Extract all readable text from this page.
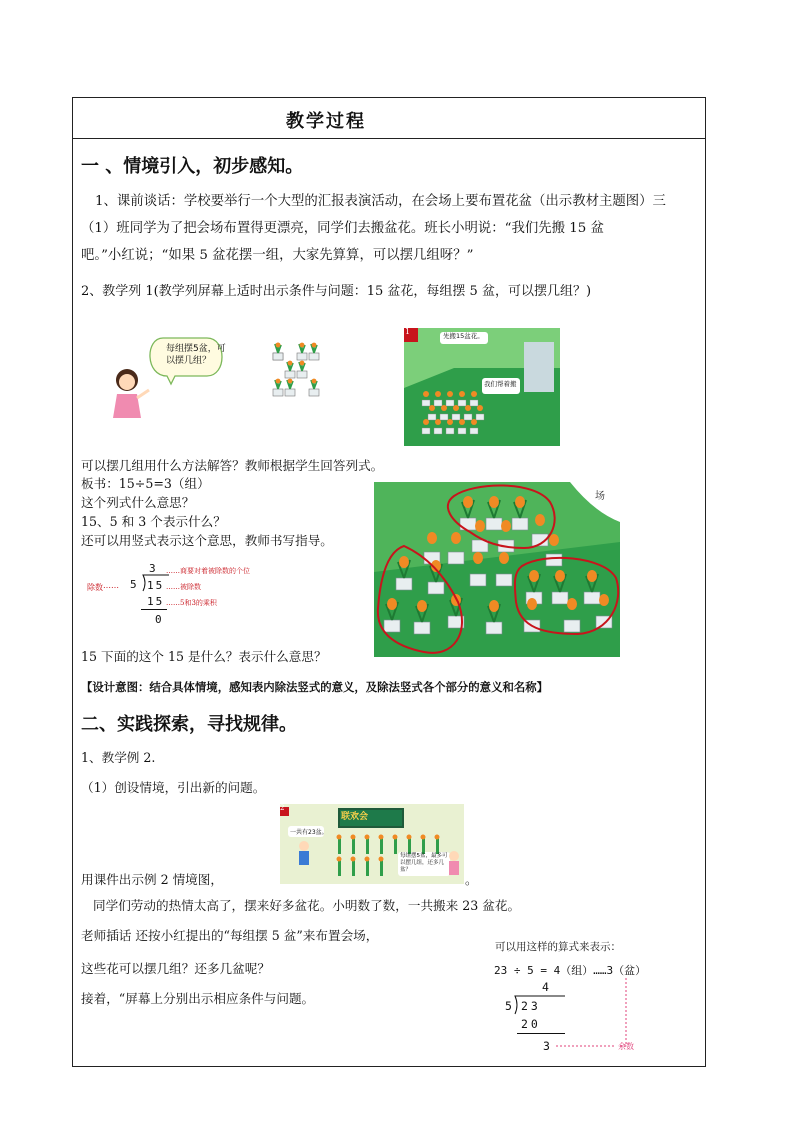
教学过程
一 、情境引入，初步感知。
1、课前谈话：学校要举行一个大型的汇报表演活动，在会场上要布置花盆（出示教材主题图）三
（1）班同学为了把会场布置得更漂亮，同学们去搬盆花。班长小明说：“我们先搬 15 盆
吧。”小红说；“如果 5 盆花摆一组，大家先算算，可以摆几组呀？”
2、教学列 1(教学列屏幕上适时出示条件与问题：15 盆花，每组摆 5 盆，可以摆几组？)
每组摆5盆，可以摆几组？
1	先搬15盆花。
我们帮着搬
可以摆几组用什么方法解答？教师根据学生回答列式。
板书：15÷5=3（组）
这个列式什么意思？
15、5 和 3 个表示什么？
还可以用竖式表示这个意思，教师书写指导。
3 ……商要对着被除数的个位
除数 …… 5 15 ……被除数
15 ……5和3的乘积
0
场
15 下面的这个 15 是什么？表示什么意思？
【设计意图：结合具体情境，感知表内除法竖式的意义，及除法竖式各个部分的意义和名称】
二、实践探索，寻找规律。
1、教学例 2.
（1）创设情境，引出新的问题。
2
联欢会
一共有23盆。
每组摆5盆，最多可以摆几组，还多几盆？
用课件出示例 2 情境图，	。
同学们劳动的热情太高了，摆来好多盆花。小明数了数，一共搬来 23 盆花。
老师插话 还按小红提出的“每组摆 5 盆”来布置会场，
这些花可以摆几组？还多几盆呢？
接着，“屏幕上分别出示相应条件与问题。
可以用这样的算式来表示：
23 ÷ 5 = 4（组）……3（盆）
4
5 23
20
3	余数
